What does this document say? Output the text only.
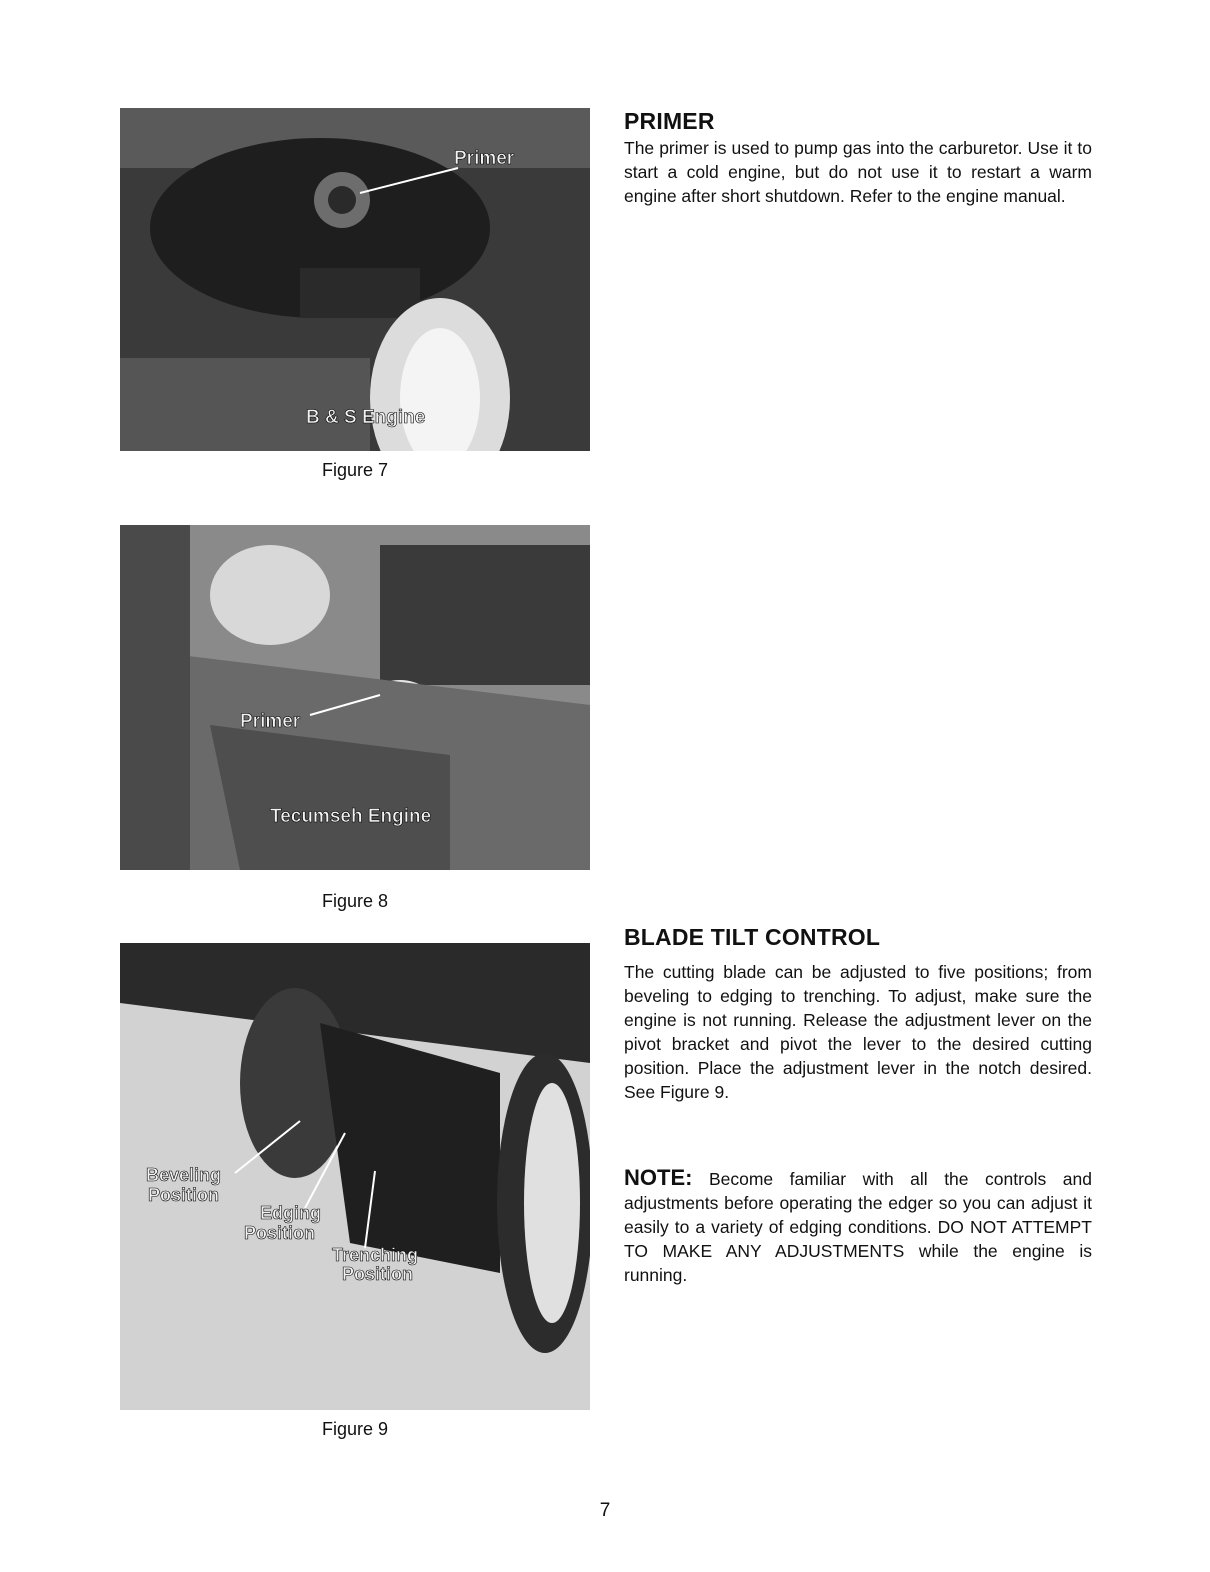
Primer
B & S Engine
Figure 7
Primer
Tecumseh Engine
Figure 8
Beveling
Position
Edging
Position
Trenching
Position
Figure 9
PRIMER

The primer is used to pump gas into the carburetor. Use it to start a cold engine, but do not use it to restart a warm engine after short shutdown. Refer to the engine manual.

BLADE TILT CONTROL

The cutting blade can be adjusted to five positions; from beveling to edging to trenching. To adjust, make sure the engine is not running. Release the adjustment lever on the pivot bracket and pivot the lever to the desired cutting position. Place the adjustment lever in the notch desired. See Figure 9.

NOTE: Become familiar with all the controls and adjustments before operating the edger so you can adjust it easily to a variety of edging conditions. DO NOT ATTEMPT TO MAKE ANY ADJUSTMENTS while the engine is running.

7
